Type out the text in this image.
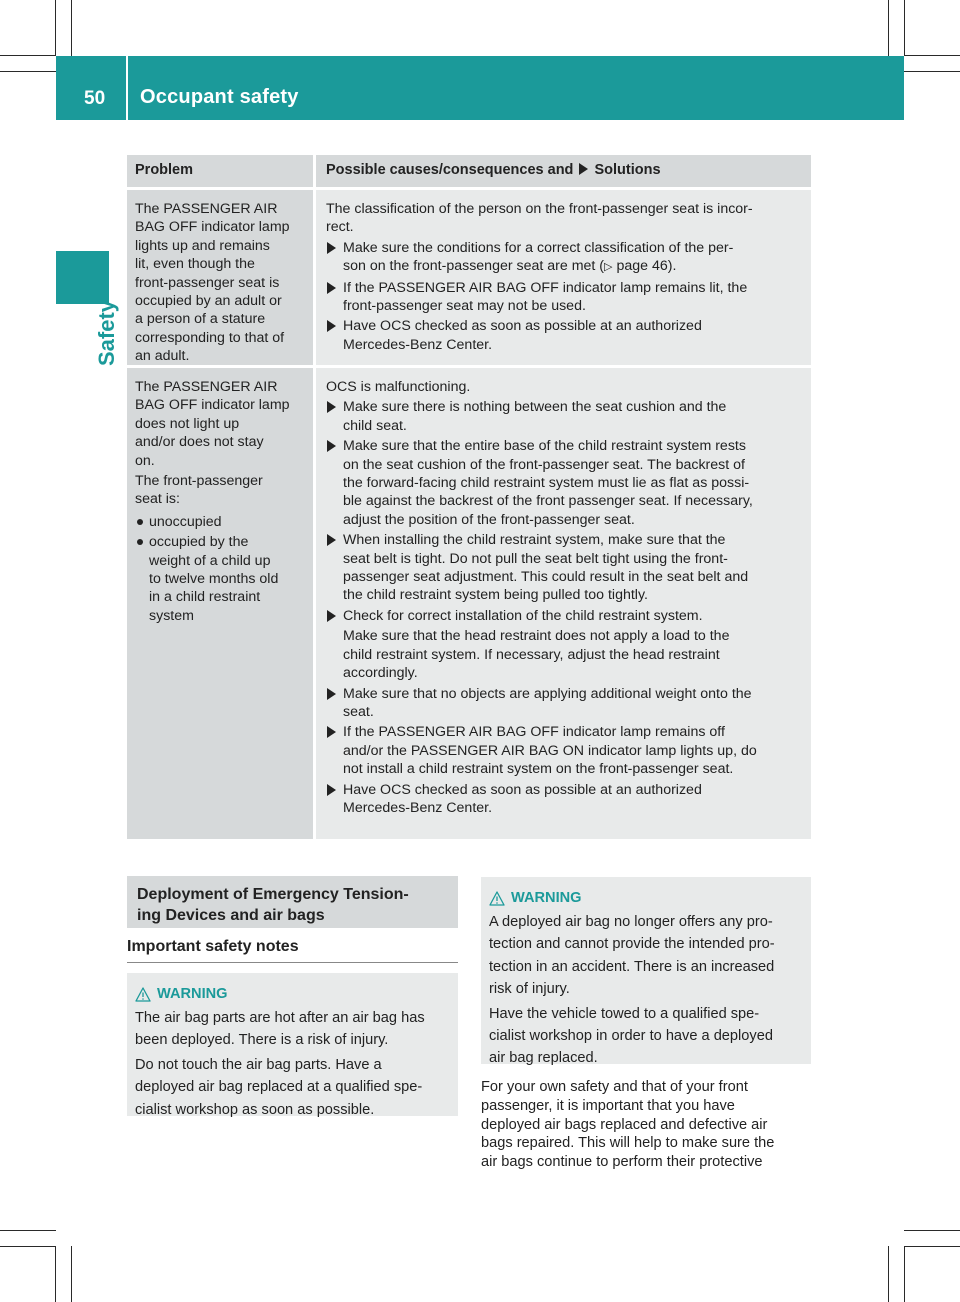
50 Occupant safety
Safety
Problem	Possible causes/consequences and Solutions
The PASSENGER AIR
BAG OFF indicator lamp
lights up and remains
lit, even though the
front-passenger seat is
occupied by an adult or
a person of a stature
corresponding to that of
an adult.
The classification of the person on the front-passenger seat is incor-
rect.
Make sure the conditions for a correct classification of the per-
son on the front-passenger seat are met (▷ page 46).
If the PASSENGER AIR BAG OFF indicator lamp remains lit, the
front-passenger seat may not be used.
Have OCS checked as soon as possible at an authorized
Mercedes-Benz Center.
The PASSENGER AIR
BAG OFF indicator lamp
does not light up
and/or does not stay
on.
The front-passenger
seat is:
unoccupied
occupied by the
weight of a child up
to twelve months old
in a child restraint
system
OCS is malfunctioning.
Make sure there is nothing between the seat cushion and the
child seat.
Make sure that the entire base of the child restraint system rests
on the seat cushion of the front-passenger seat. The backrest of
the forward-facing child restraint system must lie as flat as possi-
ble against the backrest of the front passenger seat. If necessary,
adjust the position of the front-passenger seat.
When installing the child restraint system, make sure that the
seat belt is tight. Do not pull the seat belt tight using the front-
passenger seat adjustment. This could result in the seat belt and
the child restraint system being pulled too tightly.
Check for correct installation of the child restraint system.
Make sure that the head restraint does not apply a load to the
child restraint system. If necessary, adjust the head restraint
accordingly.
Make sure that no objects are applying additional weight onto the
seat.
If the PASSENGER AIR BAG OFF indicator lamp remains off
and/or the PASSENGER AIR BAG ON indicator lamp lights up, do
not install a child restraint system on the front-passenger seat.
Have OCS checked as soon as possible at an authorized
Mercedes-Benz Center.
Deployment of Emergency Tension-
ing Devices and air bags
Important safety notes
WARNING

The air bag parts are hot after an air bag has
been deployed. There is a risk of injury.

Do not touch the air bag parts. Have a
deployed air bag replaced at a qualified spe-
cialist workshop as soon as possible.

WARNING

A deployed air bag no longer offers any pro-
tection and cannot provide the intended pro-
tection in an accident. There is an increased
risk of injury.

Have the vehicle towed to a qualified spe-
cialist workshop in order to have a deployed
air bag replaced.

For your own safety and that of your front
passenger, it is important that you have
deployed air bags replaced and defective air
bags repaired. This will help to make sure the
air bags continue to perform their protective
